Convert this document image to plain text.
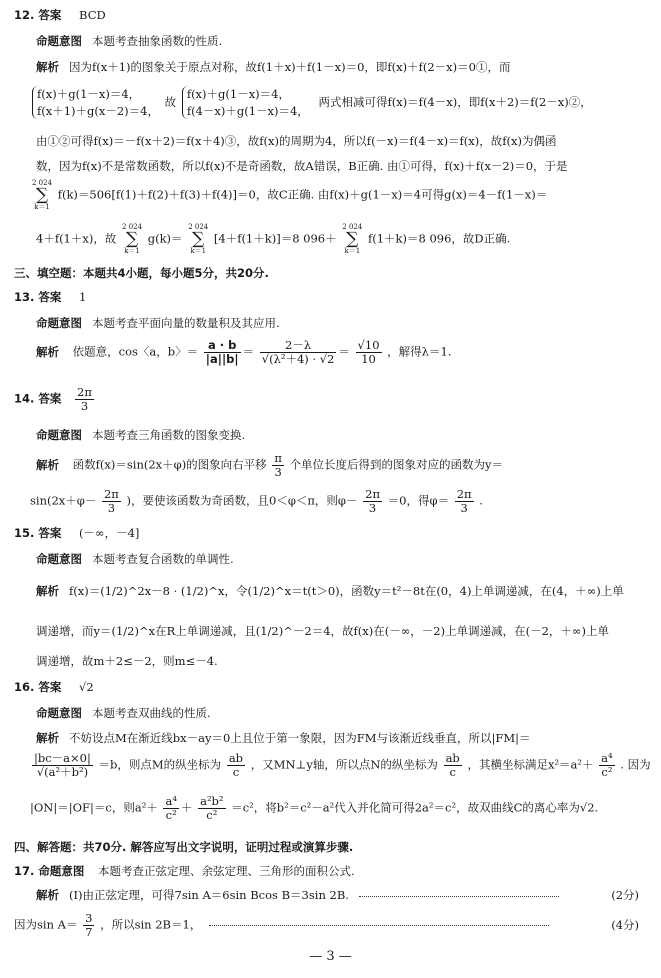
12. 答案 BCD
命题意图 本题考查抽象函数的性质.
解析 因为f(x＋1)的图象关于原点对称，故f(1＋x)＋f(1－x)＝0，即f(x)＋f(2－x)＝0①，而
f(x)＋g(1－x)＝4，
f(x＋1)＋g(x－2)＝4，
故
f(x)＋g(1－x)＝4，
f(4－x)＋g(1－x)＝4，
两式相减可得f(x)＝f(4－x)，即f(x＋2)＝f(2－x)②，
由①②可得f(x)＝－f(x＋2)＝f(x＋4)③，故f(x)的周期为4，所以f(－x)＝f(4－x)＝f(x)，故f(x)为偶函
数，因为f(x)不是常数函数，所以f(x)不是奇函数，故A错误，B正确. 由①可得，f(x)＋f(x－2)＝0，于是
2 024
∑
k＝1
f(k)＝506[f(1)＋f(2)＋f(3)＋f(4)]＝0，故C正确. 由f(x)＋g(1－x)＝4可得g(x)＝4－f(1－x)＝
4＋f(1＋x)，故
2 024
∑
k＝1
g(k)＝
2 024
∑
k＝1
[4＋f(1＋k)]＝8 096＋
2 024
∑
k＝1
f(1＋k)＝8 096，故D正确.
三、填空题：本题共4小题，每小题5分，共20分.
13. 答案 1
命题意图 本题考查平面向量的数量积及其应用.
解析 依题意，cos〈a，b〉＝ $\frac{a \cdot b}{|a||b|} = \frac{2-\lambda}{\text{√(λ²＋4) · √2}} = \frac{√10}{10}$ ，解得λ＝1.
14. 答案 $\frac{2\pi}{3}$
命题意图 本题考查三角函数的图象变换.
解析 函数f(x)＝sin(2x＋φ)的图象向右平移 $\frac{\pi}{3}$ 个单位长度后得到的图象对应的函数为y＝
$\sin(2x+\varphi- \frac{2\pi}{3}$ )，要使该函数为奇函数，且0＜φ＜π，则$\varphi- \frac{2\pi}{3} =0$，得$\varphi= \frac{2\pi}{3}$ .
15. 答案 (－∞，－4]
命题意图 本题考查复合函数的单调性.
解析 f(x)＝(1/2)^2x－8 · (1/2)^x，令(1/2)^x＝t(t＞0)，函数y＝t²－8t在(0，4)上单调递减，在(4，＋∞)上单
调递增，而y＝(1/2)^x在R上单调递减，且(1/2)^－2＝4，故f(x)在(－∞，－2)上单调递减，在(－2，＋∞)上单
调递增，故m＋2≤－2，则m≤－4.
16. 答案 √2
命题意图 本题考查双曲线的性质.
解析 不妨设点M在渐近线bx－ay＝0上且位于第一象限，因为FM与该渐近线垂直，所以|FM|＝
$\frac{|bc-a\times 0|}{\text{√(a²＋b²)}} =b$，则点M的纵坐标为 $\frac{ab}{c}$ ，又MN⊥y轴，所以点N的纵坐标为 $\frac{ab}{c}$ ，其横坐标满足$x^2=a^2+ \frac{\text{a⁴}}{\text{c²}}$ . 因为
|ON|＝|OF|＝c，则$a^2+ \frac{\text{a⁴}}{\text{c²}} + \frac{\text{a²b²}}{\text{c²}} =c^2$，将b²＝c²－a²代入并化简可得2a²＝c²，故双曲线C的离心率为√2.
四、解答题：共70分. 解答应写出文字说明，证明过程或演算步骤.
17. 命题意图 本题考查正弦定理、余弦定理、三角形的面积公式.
解析 (Ⅰ)由正弦定理，可得7sin A＝6sin Bcos B＝3sin 2B.	(2分)
因为$\sin A= \frac{3}{7}$ ，所以sin 2B＝1，	(4分)
— 3 —
